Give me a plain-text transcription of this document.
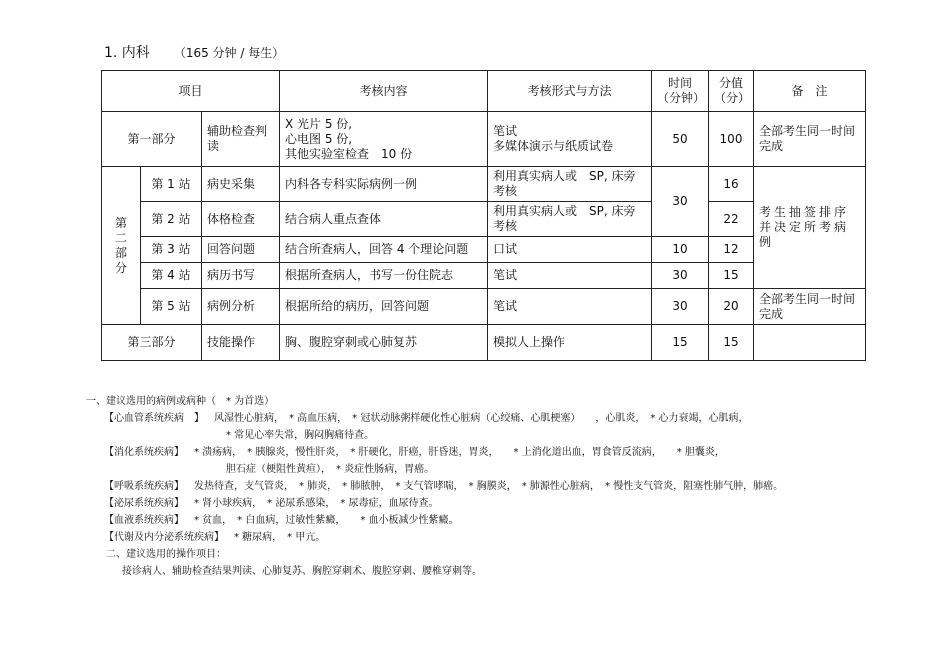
1. 内科 （165 分钟 / 每生）
项目			考核内容	考核形式与方法	时间（分钟）	分值（分）	备　注
第一部分		辅助检查判读	X 光片 5 份,
心电图 5 份,
其他实验室检查　10 份	笔试
多媒体演示与纸质试卷	50	100	全部考生同一时间完成
第二部分	第 1 站	病史采集	内科各专科实际病例一例	利用真实病人或　SP, 床旁考核	30	16	考生抽签排序并决定所考病例
	第 2 站	体格检查	结合病人重点查体	利用真实病人或　SP, 床旁考核		22	
	第 3 站	回答问题	结合所查病人，回答 4 个理论问题	口试	10	12	
	第 4 站	病历书写	根据所查病人，书写一份住院志	笔试	30	15	
	第 5 站	病例分析	根据所给的病历，回答问题	笔试	30	20	全部考生同一时间完成
第三部分		技能操作	胸、腹腔穿刺或心肺复苏	模拟人上操作	15	15	
一、建议选用的病例或病种（　* 为首选）
【心血管系统疾病　】 风湿性心脏病，　* 高血压病，　* 冠状动脉粥样硬化性心脏病（心绞痛、心肌梗塞）　　，心肌炎，　* 心力衰竭，心肌病，
* 常见心率失常，胸闷胸痛待查。
【消化系统疾病】 * 溃疡病，　* 胰腺炎，慢性肝炎，　* 肝硬化，肝癌，肝昏迷，胃炎，　　* 上消化道出血，胃食管反流病，　　* 胆囊炎，
胆石症（梗阻性黄疸），　* 炎症性肠病，胃癌。
【呼吸系统疾病】 发热待查，支气管炎，　* 肺炎，　* 肺脓肿，　* 支气管哮喘，　* 胸膜炎，　* 肺源性心脏病，　* 慢性支气管炎，阻塞性肺气肿，肺癌。
【泌尿系统疾病】 * 肾小球疾病，　* 泌尿系感染，　* 尿毒症，血尿待查。
【血液系统疾病】 * 贫血，　* 白血病，过敏性紫癜，　　* 血小板减少性紫癜。
【代谢及内分泌系统疾病】 * 糖尿病，　* 甲亢。
二、建议选用的操作项目：
接诊病人、辅助检查结果判读、心肺复苏、胸腔穿刺术、腹腔穿刺、腰椎穿刺等。
